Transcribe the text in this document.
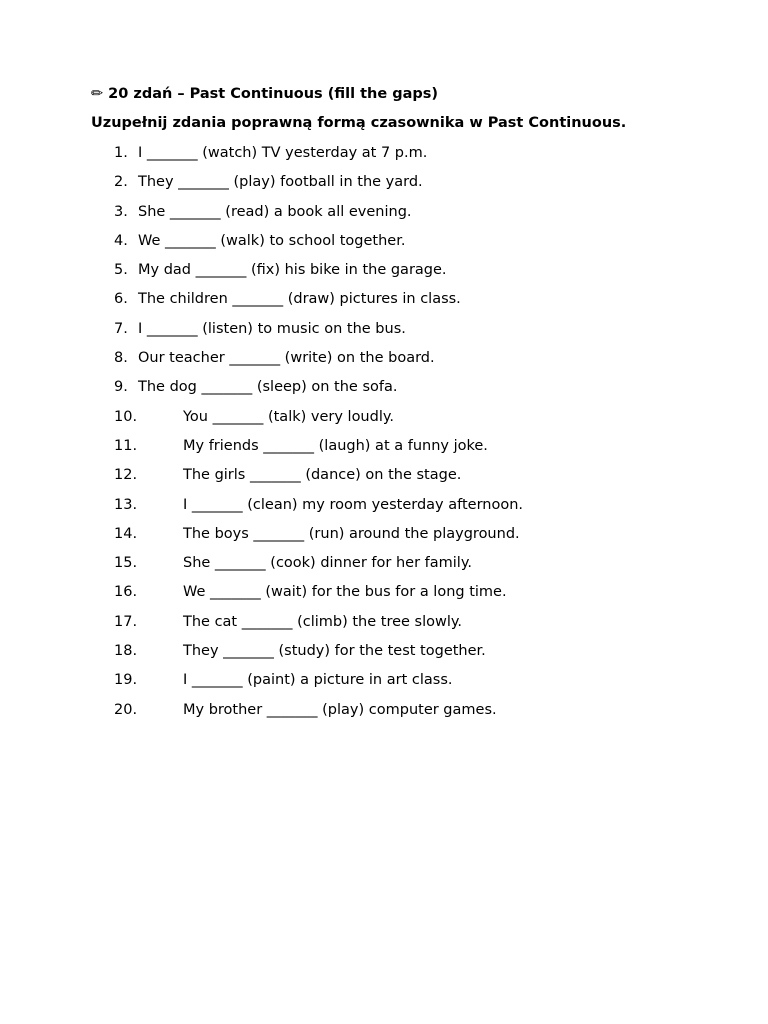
✏ 20 zdań – Past Continuous (fill the gaps)
Uzupełnij zdania poprawną formą czasownika w Past Continuous.
1. I _______ (watch) TV yesterday at 7 p.m.
2. They _______ (play) football in the yard.
3. She _______ (read) a book all evening.
4. We _______ (walk) to school together.
5. My dad _______ (fix) his bike in the garage.
6. The children _______ (draw) pictures in class.
7. I _______ (listen) to music on the bus.
8. Our teacher _______ (write) on the board.
9. The dog _______ (sleep) on the sofa.
10.	You _______ (talk) very loudly.
11.	My friends _______ (laugh) at a funny joke.
12.	The girls _______ (dance) on the stage.
13.	I _______ (clean) my room yesterday afternoon.
14.	The boys _______ (run) around the playground.
15.	She _______ (cook) dinner for her family.
16.	We _______ (wait) for the bus for a long time.
17.	The cat _______ (climb) the tree slowly.
18.	They _______ (study) for the test together.
19.	I _______ (paint) a picture in art class.
20.	My brother _______ (play) computer games.
